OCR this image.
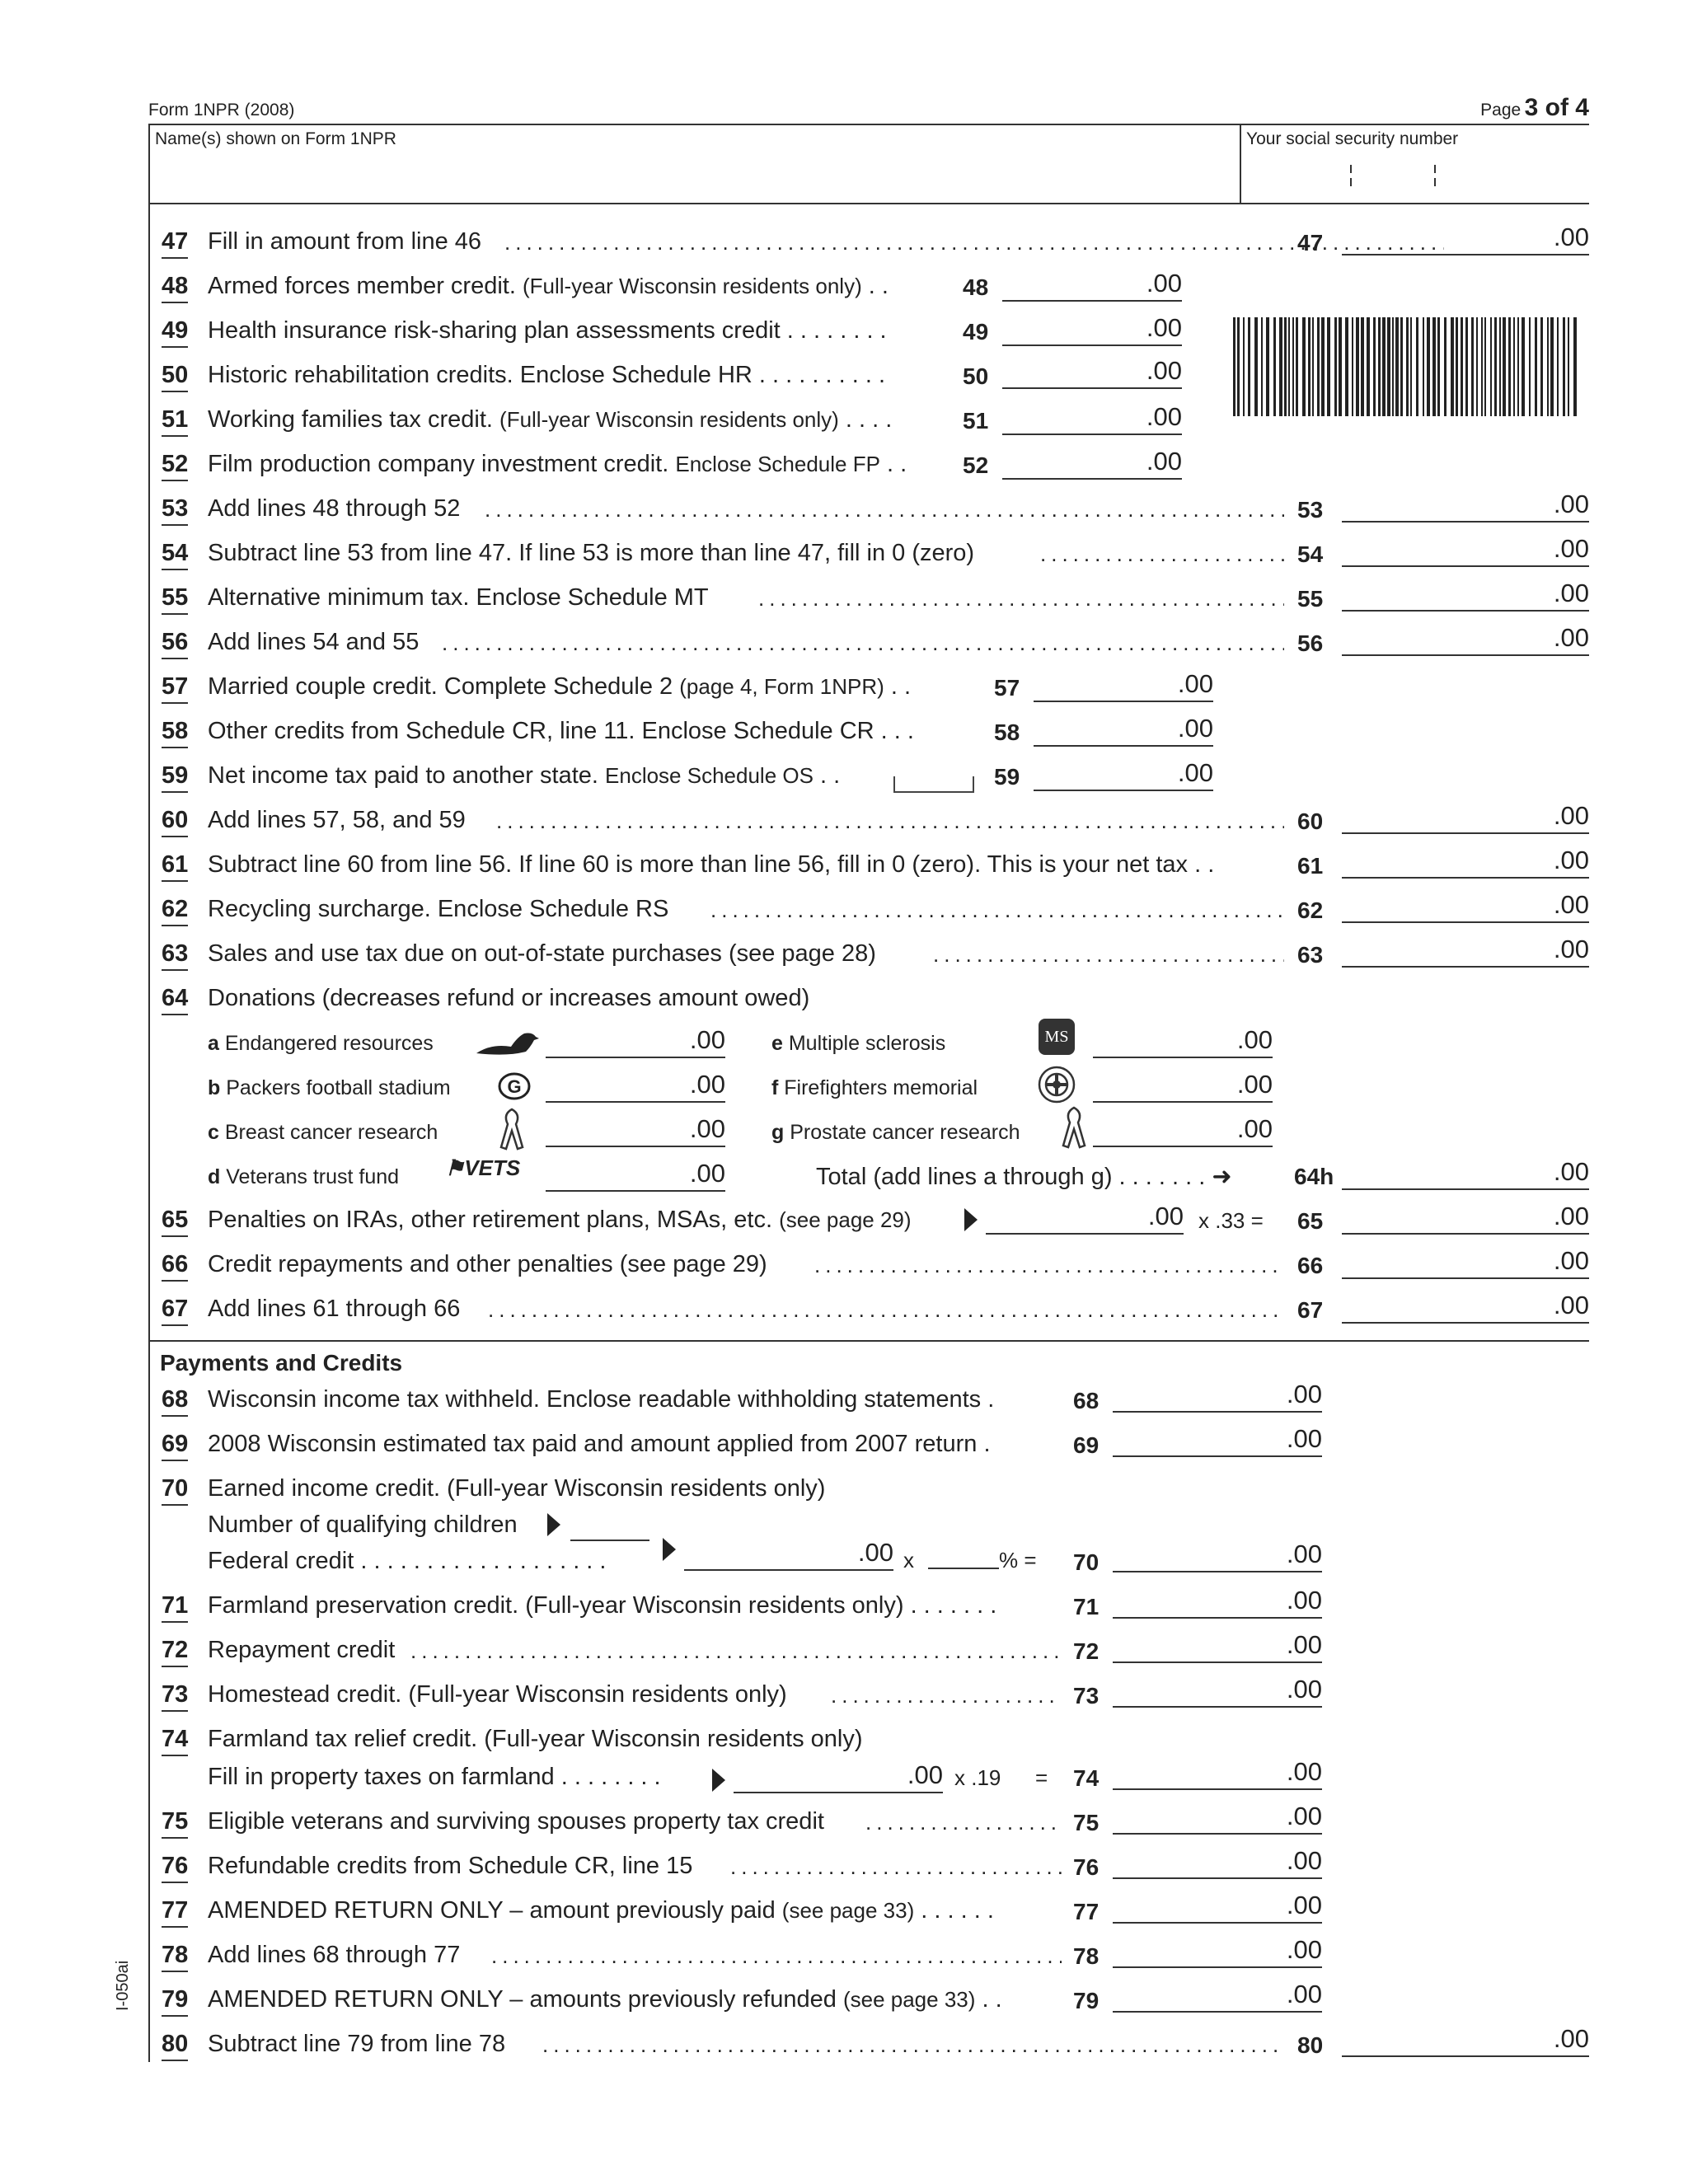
Form 1NPR (2008)	Page 3 of 4
Name(s) shown on Form 1NPR	Your social security number
47 Fill in amount from line 46 .....	47	.00
48 Armed forces member credit. (Full-year Wisconsin residents only) . .	48	.00
49 Health insurance risk-sharing plan assessments credit . . . . . . . .	49	.00
50 Historic rehabilitation credits. Enclose Schedule HR . . . . . . . . . .	50	.00
51 Working families tax credit. (Full-year Wisconsin residents only) . . . .	51	.00
52 Film production company investment credit. Enclose Schedule FP . . 52	.00
53 Add lines 48 through 52 .....	53	.00
54 Subtract line 53 from line 47. If line 53 is more than line 47, fill in 0 (zero) .....	54	.00
55 Alternative minimum tax. Enclose Schedule MT .....	55	.00
56 Add lines 54 and 55 .....	56	.00
57 Married couple credit. Complete Schedule 2 (page 4, Form 1NPR) . .	57	.00
58 Other credits from Schedule CR, line 11. Enclose Schedule CR . . .	58	.00
59 Net income tax paid to another state. Enclose Schedule OS . .	59	.00
60 Add lines 57, 58, and 59 .....	60	.00
61 Subtract line 60 from line 56. If line 60 is more than line 56, fill in 0 (zero). This is your net tax . .	61	.00
62 Recycling surcharge. Enclose Schedule RS .....	62	.00
63 Sales and use tax due on out-of-state purchases (see page 28) .....	63	.00
64 Donations (decreases refund or increases amount owed)
a Endangered resources	.00
b Packers football stadium	G	.00
c Breast cancer research	.00
d Veterans trust fund ⚑VETS	.00
e Multiple sclerosis	MS	.00
f Firefighters memorial	.00
g Prostate cancer research	.00
Total (add lines a through g) . . . . . . . ➜	64h	.00
65 Penalties on IRAs, other retirement plans, MSAs, etc. (see page 29)	.00 x .33 = 65	.00
66 Credit repayments and other penalties (see page 29) .....	66	.00
67 Add lines 61 through 66 .....	67	.00
Payments and Credits
68 Wisconsin income tax withheld. Enclose readable withholding statements .	68	.00
69 2008 Wisconsin estimated tax paid and amount applied from 2007 return .	69	.00
70 Earned income credit. (Full-year Wisconsin residents only)
Number of qualifying children
Federal credit . . . . . . . . . . . . . . . . . . .	.00 x	% = 70	.00
71 Farmland preservation credit. (Full-year Wisconsin residents only) . . . . . . .	71	.00
72 Repayment credit .....	72	.00
73 Homestead credit. (Full-year Wisconsin residents only) .....	73	.00
74 Farmland tax relief credit. (Full-year Wisconsin residents only)
Fill in property taxes on farmland . . . . . . . .	.00 x .19 = 74	.00
75 Eligible veterans and surviving spouses property tax credit .....	75	.00
76 Refundable credits from Schedule CR, line 15 .....	76	.00
77 AMENDED RETURN ONLY – amount previously paid (see page 33) . . . . . .	77	.00
78 Add lines 68 through 77 .....	78	.00
79 AMENDED RETURN ONLY – amounts previously refunded (see page 33) . .	79	.00
80 Subtract line 79 from line 78 .....	80	.00
I-050ai
